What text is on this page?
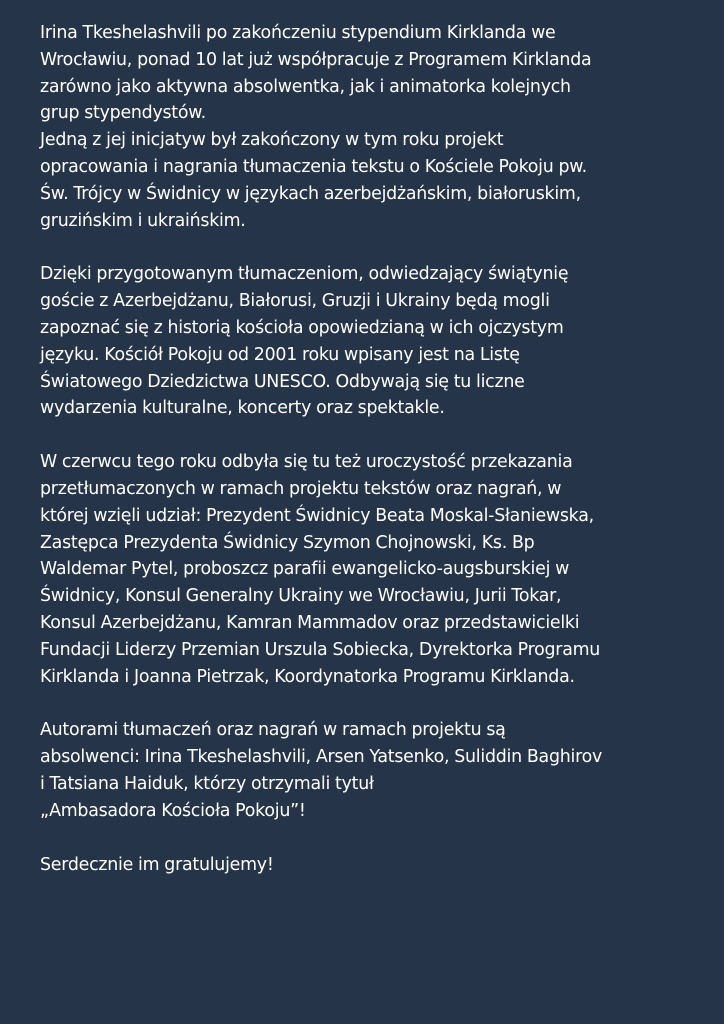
Irina Tkeshelashvili po zakończeniu stypendium Kirklanda we
Wrocławiu, ponad 10 lat już współpracuje z Programem Kirklanda
zarówno jako aktywna absolwentka, jak i animatorka kolejnych
grup stypendystów.
Jedną z jej inicjatyw był zakończony w tym roku projekt
opracowania i nagrania tłumaczenia tekstu o Kościele Pokoju pw.
Św. Trójcy w Świdnicy w językach azerbejdżańskim, białoruskim,
gruzińskim i ukraińskim.

Dzięki przygotowanym tłumaczeniom, odwiedzający świątynię
goście z Azerbejdżanu, Białorusi, Gruzji i Ukrainy będą mogli
zapoznać się z historią kościoła opowiedzianą w ich ojczystym
języku. Kościół Pokoju od 2001 roku wpisany jest na Listę
Światowego Dziedzictwa UNESCO. Odbywają się tu liczne
wydarzenia kulturalne, koncerty oraz spektakle.

W czerwcu tego roku odbyła się tu też uroczystość przekazania
przetłumaczonych w ramach projektu tekstów oraz nagrań, w
której wzięli udział: Prezydent Świdnicy Beata Moskal-Słaniewska,
Zastępca Prezydenta Świdnicy Szymon Chojnowski, Ks. Bp
Waldemar Pytel, proboszcz parafii ewangelicko-augsburskiej w
Świdnicy, Konsul Generalny Ukrainy we Wrocławiu, Jurii Tokar,
Konsul Azerbejdżanu, Kamran Mammadov oraz przedstawicielki
Fundacji Liderzy Przemian Urszula Sobiecka, Dyrektorka Programu
Kirklanda i Joanna Pietrzak, Koordynatorka Programu Kirklanda.

Autorami tłumaczeń oraz nagrań w ramach projektu są
absolwenci: Irina Tkeshelashvili, Arsen Yatsenko, Suliddin Baghirov
i Tatsiana Haiduk, którzy otrzymali tytuł
„Ambasadora Kościoła Pokoju”!

Serdecznie im gratulujemy!
